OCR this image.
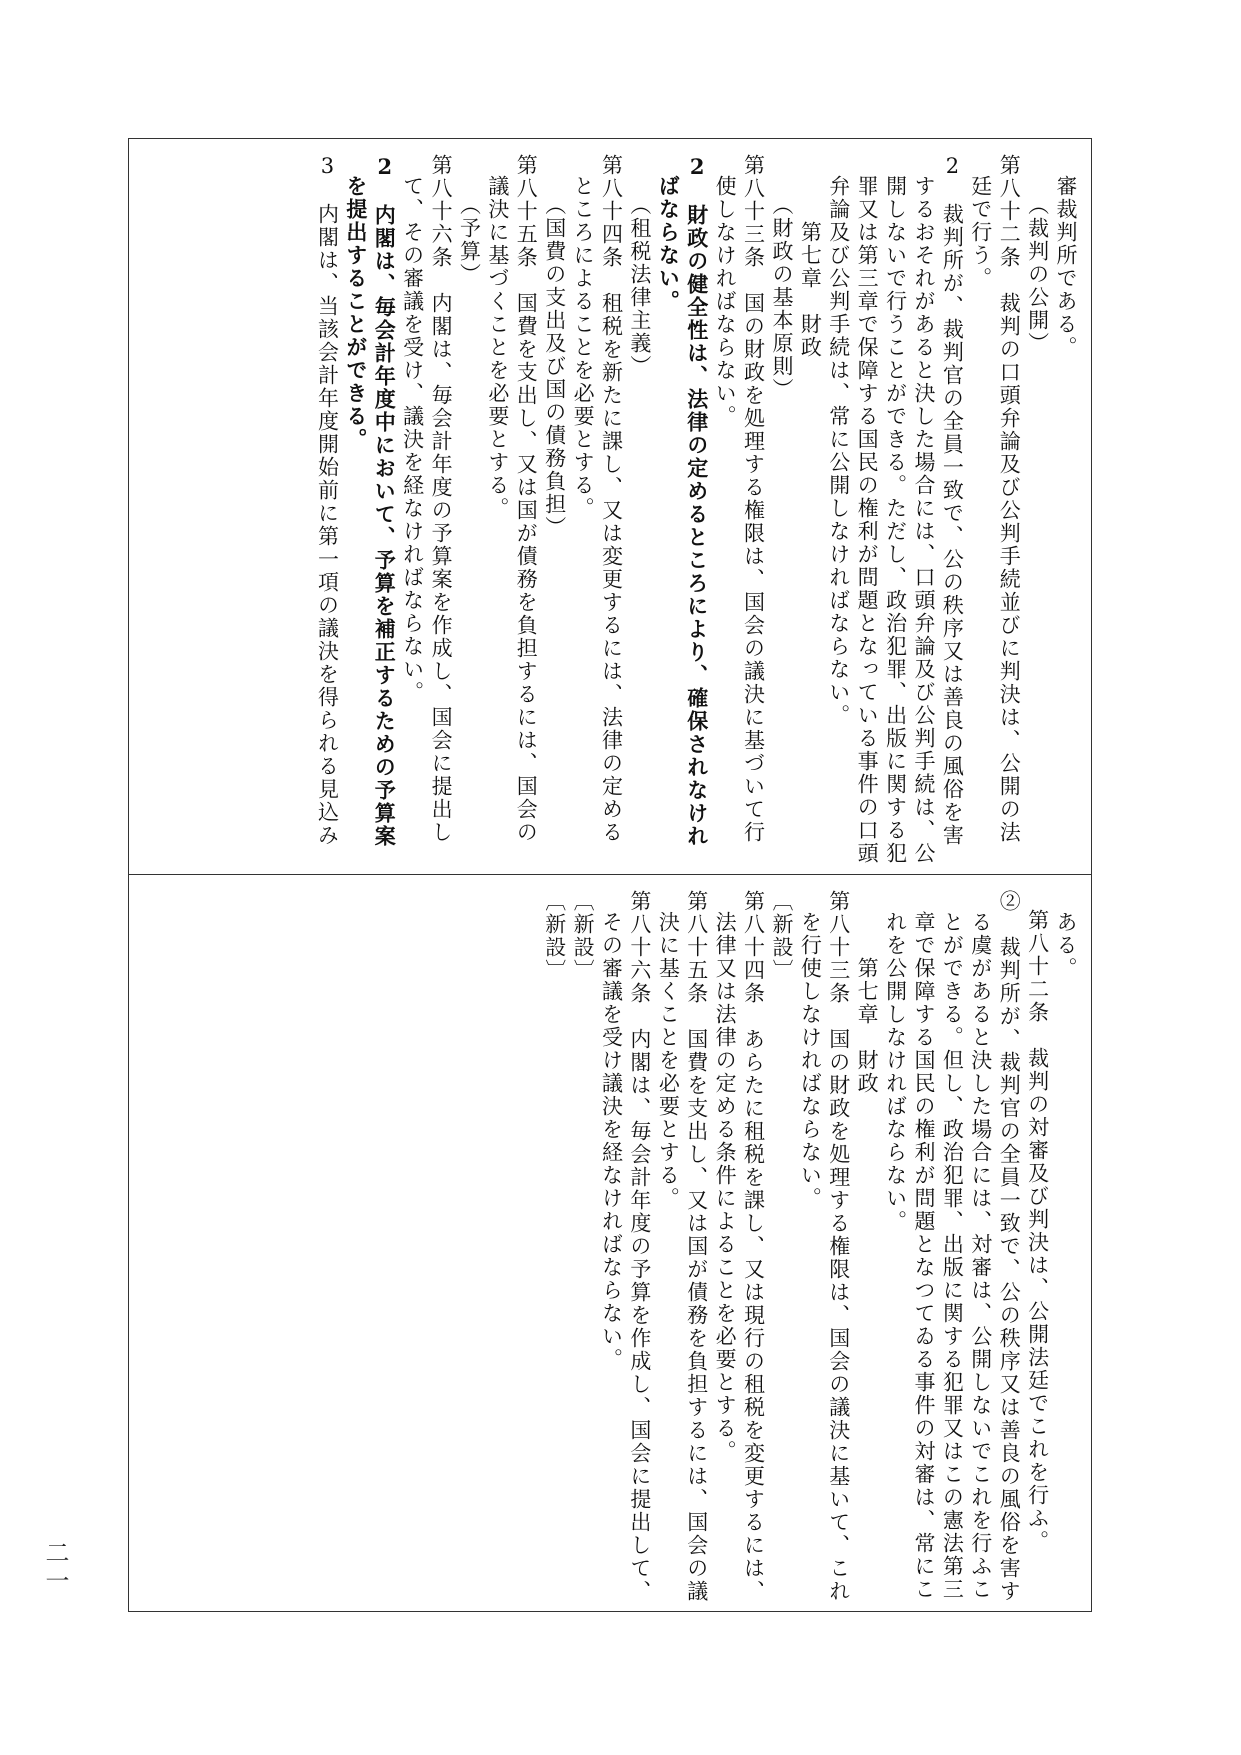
審裁判所である。

（裁判の公開）

第八十二条　裁判の口頭弁論及び公判手続並びに判決は、公開の法廷で行う。

2　裁判所が、裁判官の全員一致で、公の秩序又は善良の風俗を害するおそれがあると決した場合には、口頭弁論及び公判手続は、公開しないで行うことができる。ただし、政治犯罪、出版に関する犯罪又は第三章で保障する国民の権利が問題となっている事件の口頭弁論及び公判手続は、常に公開しなければならない。

第七章　財政

（財政の基本原則）

第八十三条　国の財政を処理する権限は、国会の議決に基づいて行使しなければならない。

2　財政の健全性は、法律の定めるところにより、確保されなければならない。

（租税法律主義）

第八十四条　租税を新たに課し、又は変更するには、法律の定めるところによることを必要とする。

（国費の支出及び国の債務負担）

第八十五条　国費を支出し、又は国が債務を負担するには、国会の議決に基づくことを必要とする。

（予算）

第八十六条　内閣は、毎会計年度の予算案を作成し、国会に提出して、その審議を受け、議決を経なければならない。

2　内閣は、毎会計年度中において、予算を補正するための予算案を提出することができる。

3　内閣は、当該会計年度開始前に第一項の議決を得られる見込み

ある。

第八十二条　裁判の対審及び判決は、公開法廷でこれを行ふ。

②　裁判所が、裁判官の全員一致で、公の秩序又は善良の風俗を害する虞があると決した場合には、対審は、公開しないでこれを行ふことができる。但し、政治犯罪、出版に関する犯罪又はこの憲法第三章で保障する国民の権利が問題となつてゐる事件の対審は、常にこれを公開しなければならない。

第七章　財政

第八十三条　国の財政を処理する権限は、国会の議決に基いて、これを行使しなければならない。

〔新設〕

第八十四条　あらたに租税を課し、又は現行の租税を変更するには、法律又は法律の定める条件によることを必要とする。

第八十五条　国費を支出し、又は国が債務を負担するには、国会の議決に基くことを必要とする。

第八十六条　内閣は、毎会計年度の予算を作成し、国会に提出して、その審議を受け議決を経なければならない。

〔新設〕

〔新設〕

二一
